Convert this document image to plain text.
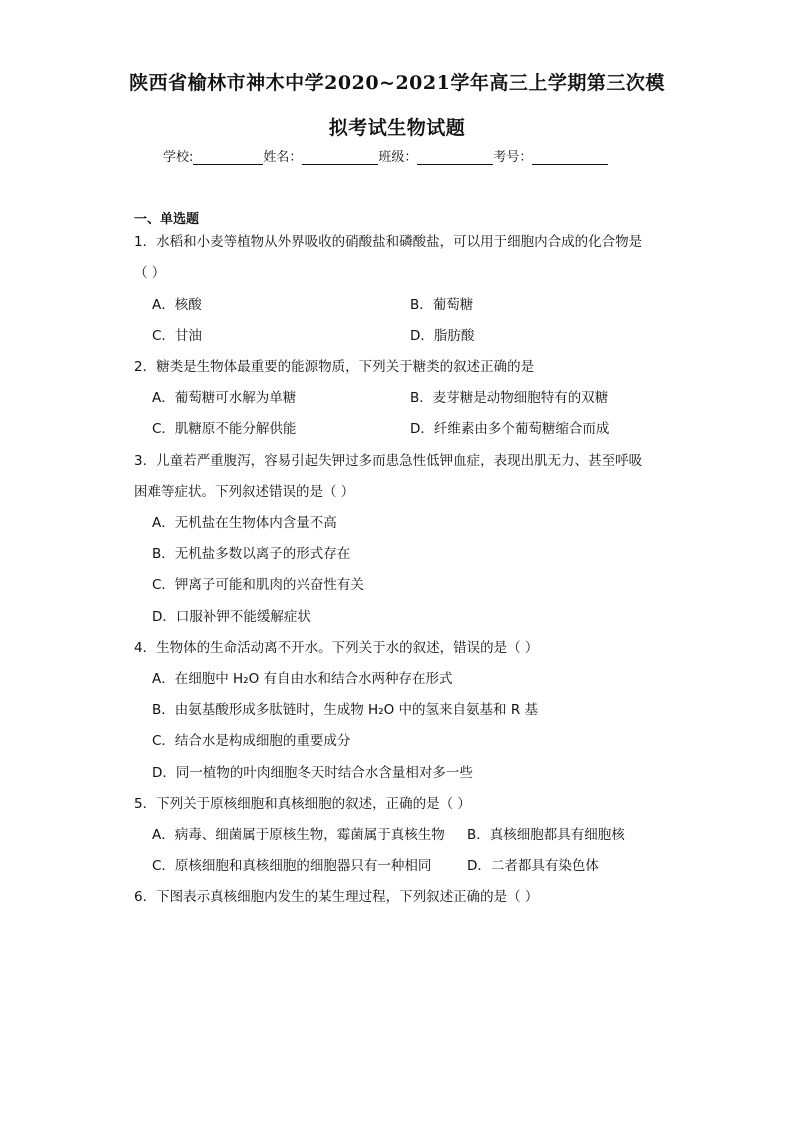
陕西省榆林市神木中学2020~2021学年高三上学期第三次模
拟考试生物试题
学校:	姓名：	班级：	考号：
一、单选题
1．水稻和小麦等植物从外界吸收的硝酸盐和磷酸盐，可以用于细胞内合成的化合物是
（ ）
A．核酸	B．葡萄糖
C．甘油	D．脂肪酸
2．糖类是生物体最重要的能源物质，下列关于糖类的叙述正确的是
A．葡萄糖可水解为单糖	B．麦芽糖是动物细胞特有的双糖
C．肌糖原不能分解供能	D．纤维素由多个葡萄糖缩合而成
3．儿童若严重腹泻，容易引起失钾过多而患急性低钾血症，表现出肌无力、甚至呼吸
困难等症状。下列叙述错误的是（ ）
A．无机盐在生物体内含量不高
B．无机盐多数以离子的形式存在
C．钾离子可能和肌肉的兴奋性有关
D．口服补钾不能缓解症状
4．生物体的生命活动离不开水。下列关于水的叙述，错误的是（ ）
A．在细胞中 H₂O 有自由水和结合水两种存在形式
B．由氨基酸形成多肽链时，生成物 H₂O 中的氢来自氨基和 R 基
C．结合水是构成细胞的重要成分
D．同一植物的叶肉细胞冬天时结合水含量相对多一些
5．下列关于原核细胞和真核细胞的叙述，正确的是（ ）
A．病毒、细菌属于原核生物，霉菌属于真核生物 B．真核细胞都具有细胞核
C．原核细胞和真核细胞的细胞器只有一种相同	D．二者都具有染色体
6．下图表示真核细胞内发生的某生理过程，下列叙述正确的是（ ）
